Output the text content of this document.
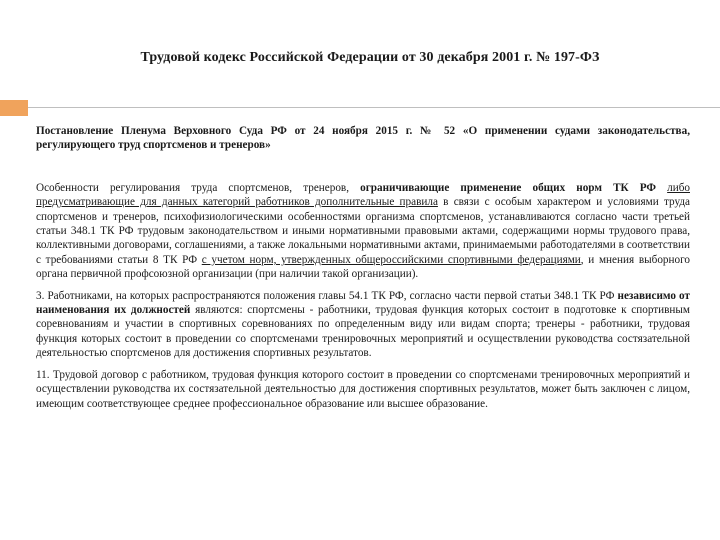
Трудовой кодекс Российской Федерации от 30 декабря 2001 г. № 197-ФЗ

Постановление Пленума Верховного Суда РФ от 24 ноября 2015 г. № 52 «О применении судами законодательства, регулирующего труд спортсменов и тренеров»

Особенности регулирования труда спортсменов, тренеров, ограничивающие применение общих норм ТК РФ либо предусматривающие для данных категорий работников дополнительные правила в связи с особым характером и условиями труда спортсменов и тренеров, психофизиологическими особенностями организма спортсменов, устанавливаются согласно части третьей статьи 348.1 ТК РФ трудовым законодательством и иными нормативными правовыми актами, содержащими нормы трудового права, коллективными договорами, соглашениями, а также локальными нормативными актами, принимаемыми работодателями в соответствии с требованиями статьи 8 ТК РФ с учетом норм, утвержденных общероссийскими спортивными федерациями, и мнения выборного органа первичной профсоюзной организации (при наличии такой организации).

3. Работниками, на которых распространяются положения главы 54.1 ТК РФ, согласно части первой статьи 348.1 ТК РФ независимо от наименования их должностей являются: спортсмены - работники, трудовая функция которых состоит в подготовке к спортивным соревнованиям и участии в спортивных соревнованиях по определенным виду или видам спорта; тренеры - работники, трудовая функция которых состоит в проведении со спортсменами тренировочных мероприятий и осуществлении руководства состязательной деятельностью спортсменов для достижения спортивных результатов.

11. Трудовой договор с работником, трудовая функция которого состоит в проведении со спортсменами тренировочных мероприятий и осуществлении руководства их состязательной деятельностью для достижения спортивных результатов, может быть заключен с лицом, имеющим соответствующее среднее профессиональное образование или высшее образование.
